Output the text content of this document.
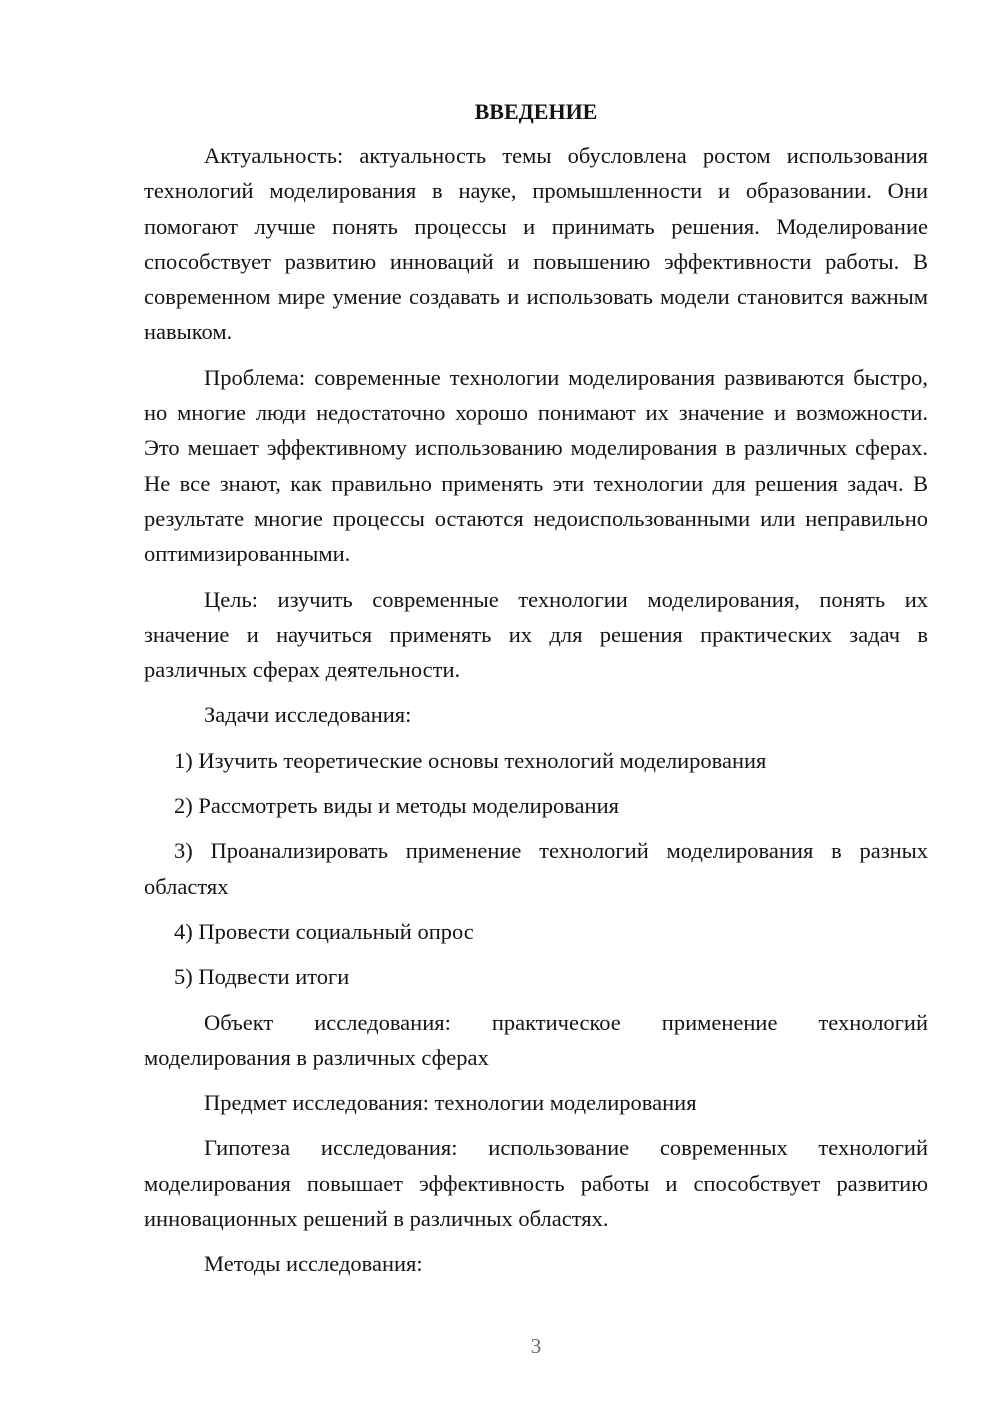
ВВЕДЕНИЕ

Актуальность: актуальность темы обусловлена ростом использования технологий моделирования в науке, промышленности и образовании. Они помогают лучше понять процессы и принимать решения. Моделирование способствует развитию инноваций и повышению эффективности работы. В современном мире умение создавать и использовать модели становится важным навыком.

Проблема: современные технологии моделирования развиваются быстро, но многие люди недостаточно хорошо понимают их значение и возможности. Это мешает эффективному использованию моделирования в различных сферах. Не все знают, как правильно применять эти технологии для решения задач. В результате многие процессы остаются недоиспользованными или неправильно оптимизированными.

Цель: изучить современные технологии моделирования, понять их значение и научиться применять их для решения практических задач в различных сферах деятельности.

Задачи исследования:

1) Изучить теоретические основы технологий моделирования

2) Рассмотреть виды и методы моделирования

3) Проанализировать применение технологий моделирования в разных областях

4) Провести социальный опрос

5) Подвести итоги

Объект исследования: практическое применение технологий моделирования в различных сферах

Предмет исследования: технологии моделирования

Гипотеза исследования: использование современных технологий моделирования повышает эффективность работы и способствует развитию инновационных решений в различных областях.

Методы исследования:

3
